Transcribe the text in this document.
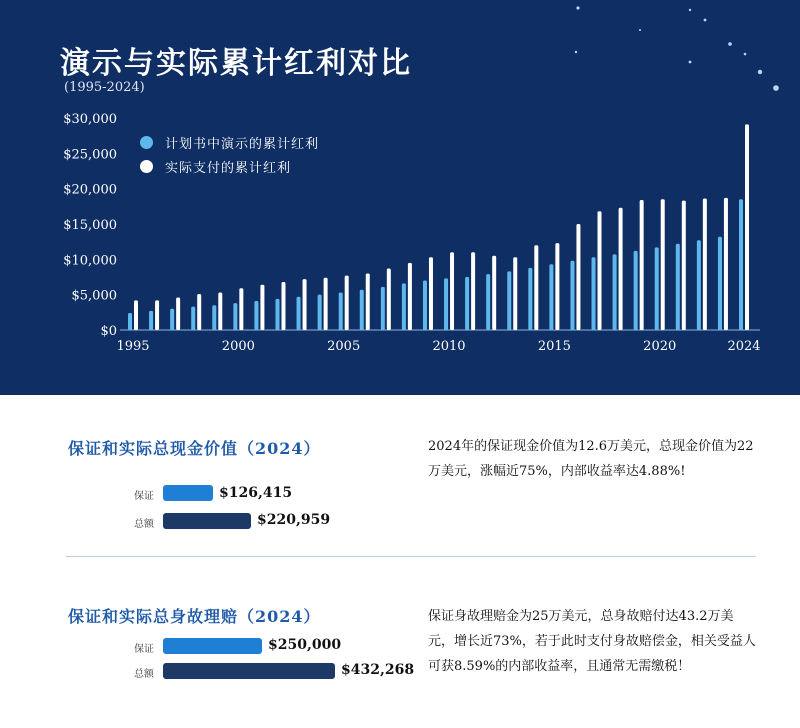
$0
$5,000
$10,000
$15,000
$20,000
$25,000
$30,000
1995	2000	2005	2010	2015	2020	2024
演示与实际累计红利对比
(1995-2024)
计划书中演示的累计红利
实际支付的累计红利
保证和实际总现金价值（2024）
保证	$126,415
总额	$220,959
2024年的保证现金价值为12.6万美元，总现金价值为22万美元，涨幅近75%，内部收益率达4.88%!
保证和实际总身故理赔（2024）
保证	$250,000
总额	$432,268
保证身故理赔金为25万美元，总身故赔付达43.2万美元，增长近73%，若于此时支付身故赔偿金，相关受益人可获8.59%的内部收益率，且通常无需缴税！
